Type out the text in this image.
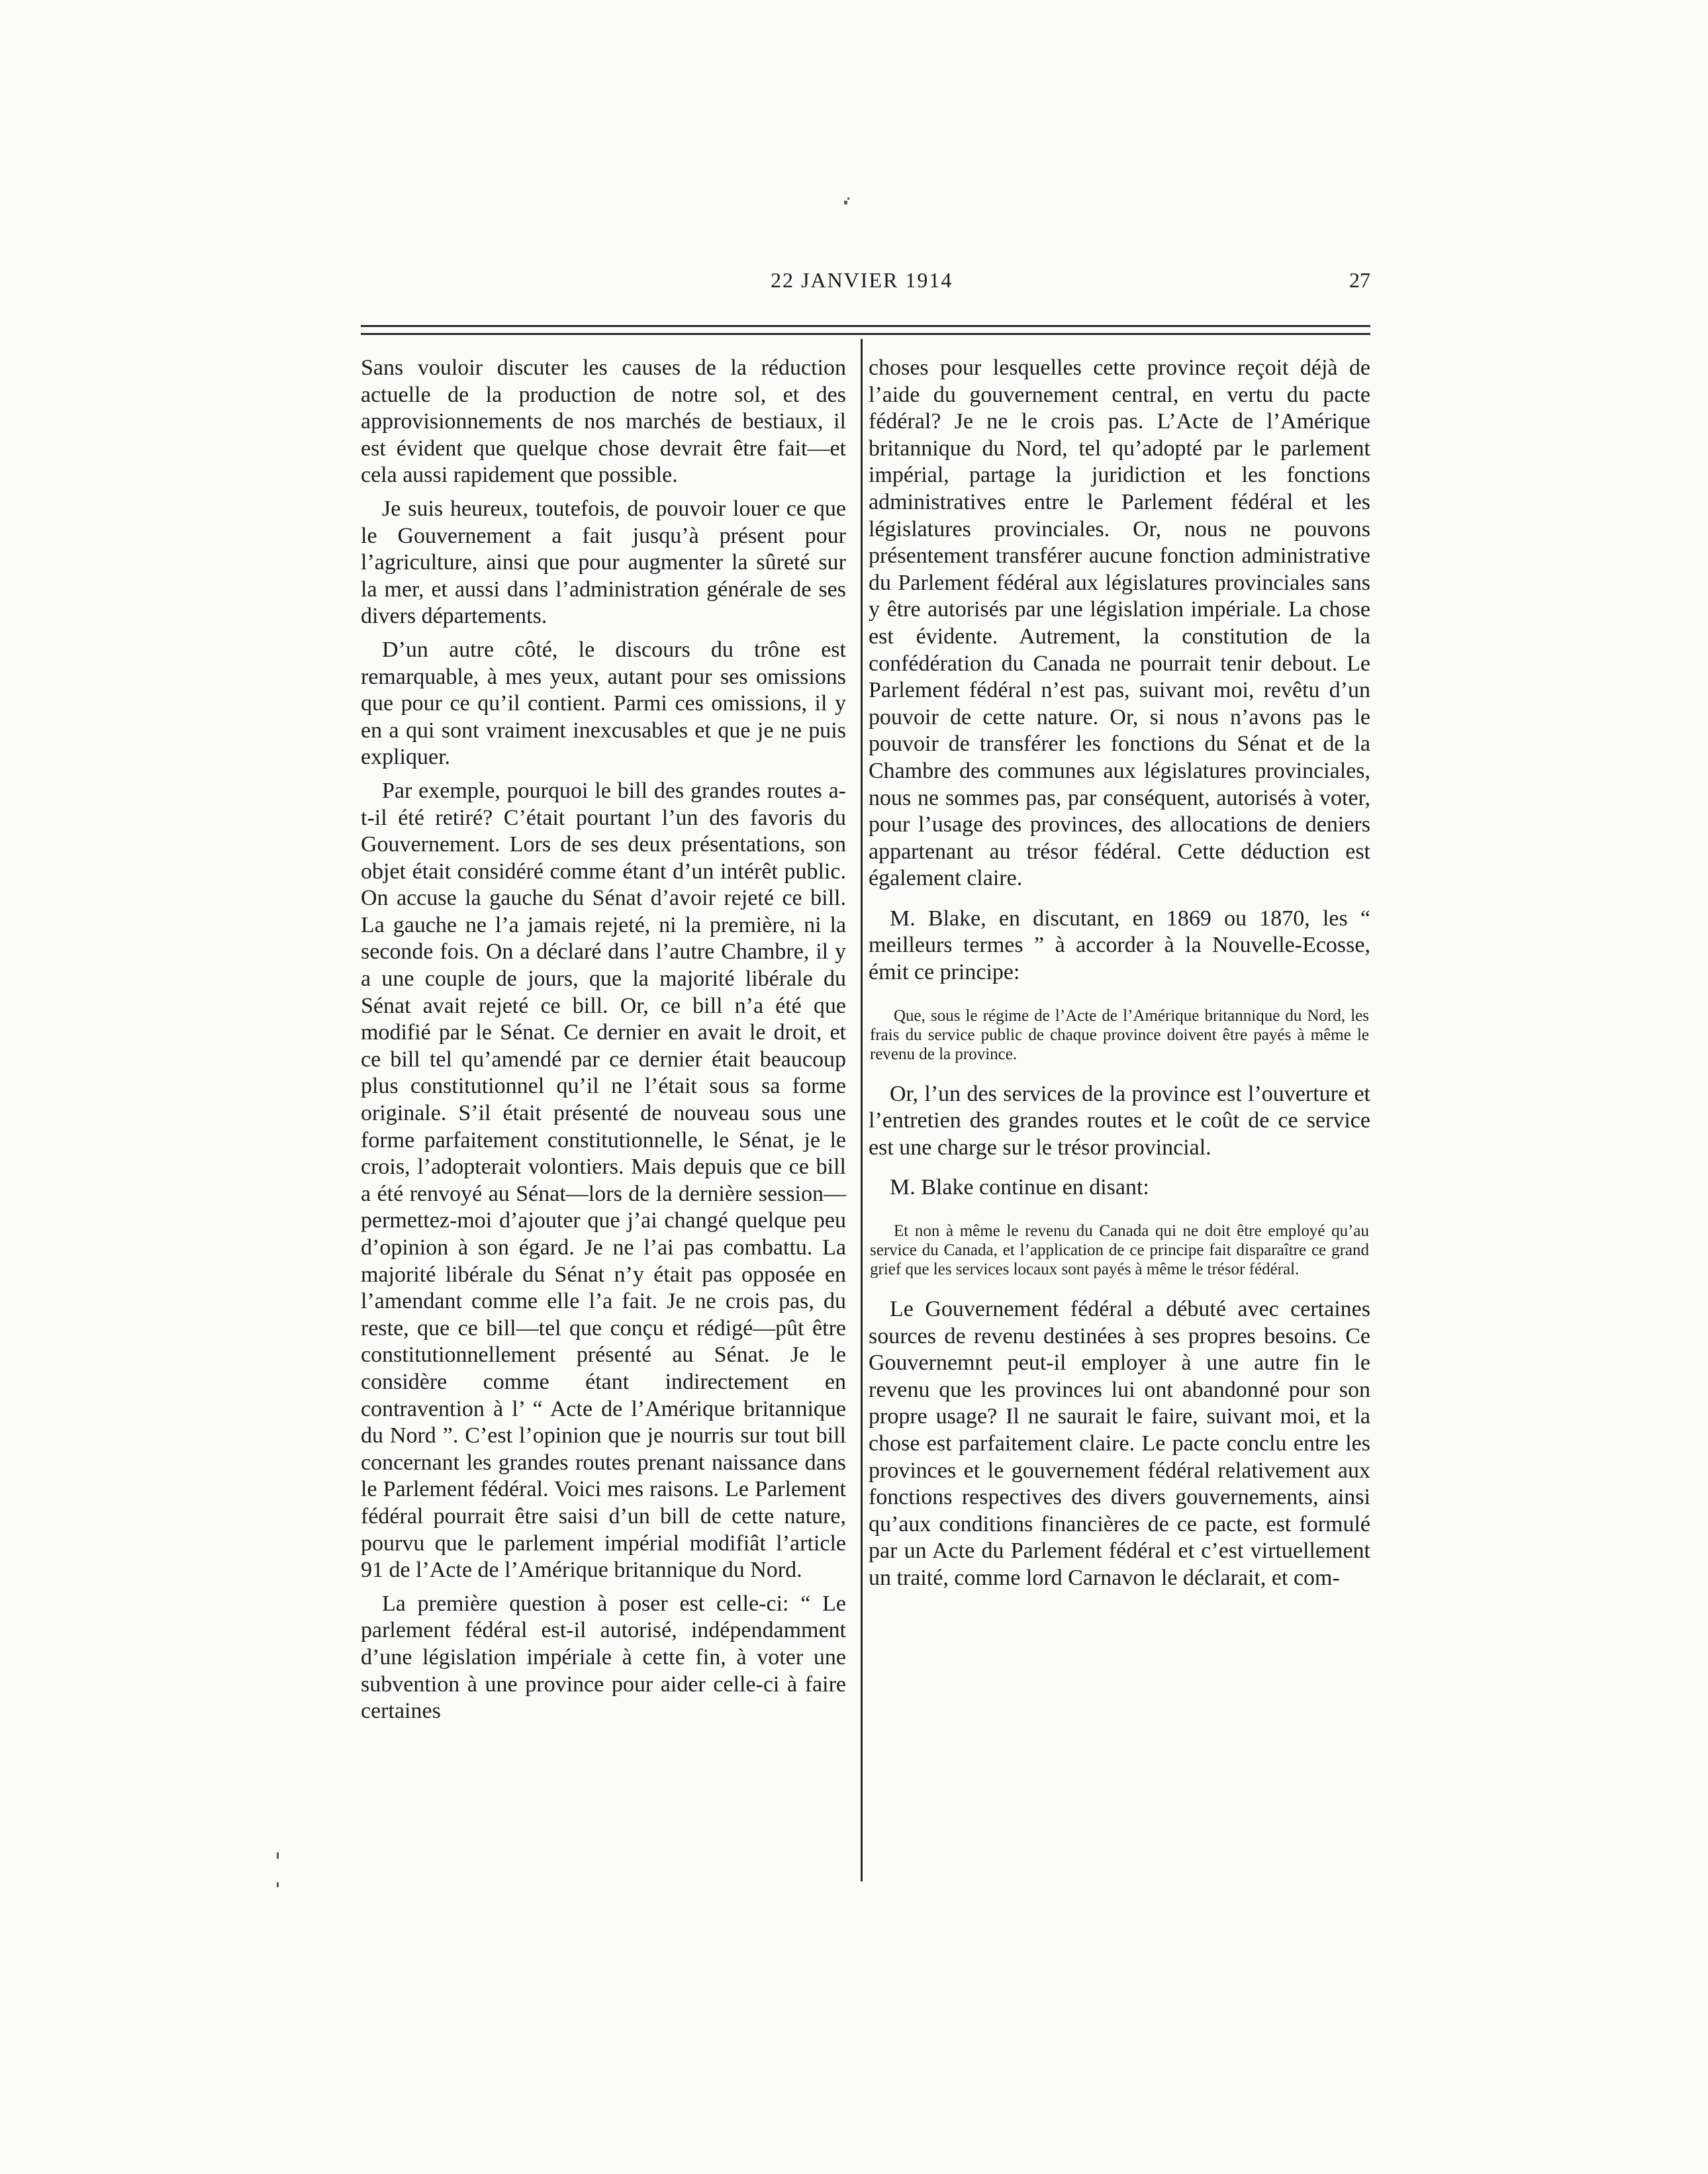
22 JANVIER 1914	27

Sans vouloir discuter les causes de la réduction actuelle de la production de notre sol, et des approvisionnements de nos marchés de bestiaux, il est évident que quelque chose devrait être fait—et cela aussi rapidement que possible.

Je suis heureux, toutefois, de pouvoir louer ce que le Gouvernement a fait jusqu’à présent pour l’agriculture, ainsi que pour augmenter la sûreté sur la mer, et aussi dans l’administration générale de ses divers départements.

D’un autre côté, le discours du trône est remarquable, à mes yeux, autant pour ses omissions que pour ce qu’il contient. Parmi ces omissions, il y en a qui sont vraiment inexcusables et que je ne puis expliquer.

Par exemple, pourquoi le bill des grandes routes a-t-il été retiré? C’était pourtant l’un des favoris du Gouvernement. Lors de ses deux présentations, son objet était considéré comme étant d’un intérêt public. On accuse la gauche du Sénat d’avoir rejeté ce bill. La gauche ne l’a jamais rejeté, ni la première, ni la seconde fois. On a déclaré dans l’autre Chambre, il y a une couple de jours, que la majorité libérale du Sénat avait rejeté ce bill. Or, ce bill n’a été que modifié par le Sénat. Ce dernier en avait le droit, et ce bill tel qu’amendé par ce dernier était beaucoup plus constitutionnel qu’il ne l’était sous sa forme originale. S’il était présenté de nouveau sous une forme parfaitement constitutionnelle, le Sénat, je le crois, l’adopterait volontiers. Mais depuis que ce bill a été renvoyé au Sénat—lors de la dernière session—permettez-moi d’ajouter que j’ai changé quelque peu d’opinion à son égard. Je ne l’ai pas combattu. La majorité libérale du Sénat n’y était pas opposée en l’amendant comme elle l’a fait. Je ne crois pas, du reste, que ce bill—tel que conçu et rédigé—pût être constitutionnellement présenté au Sénat. Je le considère comme étant indirectement en contravention à l’ “ Acte de l’Amérique britannique du Nord ”. C’est l’opinion que je nourris sur tout bill concernant les grandes routes prenant naissance dans le Parlement fédéral. Voici mes raisons. Le Parlement fédéral pourrait être saisi d’un bill de cette nature, pourvu que le parlement impérial modifiât l’article 91 de l’Acte de l’Amérique britannique du Nord.

La première question à poser est celle-ci: “ Le parlement fédéral est-il autorisé, indépendamment d’une législation impériale à cette fin, à voter une subvention à une province pour aider celle-ci à faire certaines

choses pour lesquelles cette province reçoit déjà de l’aide du gouvernement central, en vertu du pacte fédéral? Je ne le crois pas. L’Acte de l’Amérique britannique du Nord, tel qu’adopté par le parlement impérial, partage la juridiction et les fonctions administratives entre le Parlement fédéral et les législatures provinciales. Or, nous ne pouvons présentement transférer aucune fonction administrative du Parlement fédéral aux législatures provinciales sans y être autorisés par une législation impériale. La chose est évidente. Autrement, la constitution de la confédération du Canada ne pourrait tenir debout. Le Parlement fédéral n’est pas, suivant moi, revêtu d’un pouvoir de cette nature. Or, si nous n’avons pas le pouvoir de transférer les fonctions du Sénat et de la Chambre des communes aux législatures provinciales, nous ne sommes pas, par conséquent, autorisés à voter, pour l’usage des provinces, des allocations de deniers appartenant au trésor fédéral. Cette déduction est également claire.

M. Blake, en discutant, en 1869 ou 1870, les “ meilleurs termes ” à accorder à la Nouvelle-Ecosse, émit ce principe:

Que, sous le régime de l’Acte de l’Amérique britannique du Nord, les frais du service public de chaque province doivent être payés à même le revenu de la province.

Or, l’un des services de la province est l’ouverture et l’entretien des grandes routes et le coût de ce service est une charge sur le trésor provincial.

M. Blake continue en disant:

Et non à même le revenu du Canada qui ne doit être employé qu’au service du Canada, et l’application de ce principe fait disparaître ce grand grief que les services locaux sont payés à même le trésor fédéral.

Le Gouvernement fédéral a débuté avec certaines sources de revenu destinées à ses propres besoins. Ce Gouvernemnt peut-il employer à une autre fin le revenu que les provinces lui ont abandonné pour son propre usage? Il ne saurait le faire, suivant moi, et la chose est parfaitement claire. Le pacte conclu entre les provinces et le gouvernement fédéral relativement aux fonctions respectives des divers gouvernements, ainsi qu’aux conditions financières de ce pacte, est formulé par un Acte du Parlement fédéral et c’est virtuellement un traité, comme lord Carnavon le déclarait, et com-
